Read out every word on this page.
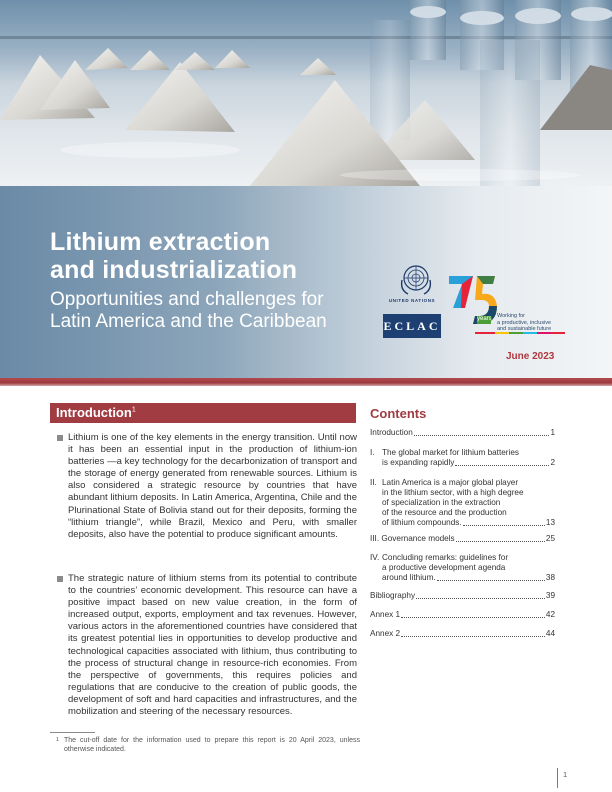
Lithium extraction
and industrialization
Opportunities and challenges for
Latin America and the Caribbean
UNITED NATIONS
ECLAC	years Working for
a productive, inclusive
and sustainable future
June 2023
Introduction$^1$

Lithium is one of the key elements in the energy transition. Until now it has been an essential input in the production of lithium-ion batteries —a key technology for the decarbonization of transport and the storage of energy generated from renewable sources. Lithium is also considered a strategic resource by countries that have abundant lithium deposits. In Latin America, Argentina, Chile and the Plurinational State of Bolivia stand out for their deposits, forming the “lithium triangle”, while Brazil, Mexico and Peru, with smaller deposits, also have the potential to produce significant amounts.

The strategic nature of lithium stems from its potential to contribute to the countries’ economic development. This resource can have a positive impact based on new value creation, in the form of increased output, exports, employment and tax revenues. However, various actors in the aforementioned countries have considered that its greatest potential lies in opportunities to develop productive and technological capacities associated with lithium, thus contributing to the process of structural change in resource-rich economies. From the perspective of governments, this requires policies and regulations that are conducive to the creation of public goods, the development of soft and hard capacities and infrastructures, and the mobilization and steering of the necessary resources.

1 The cut-off date for the information used to prepare this report is 20 April 2023, unless otherwise indicated.
Contents
Introduction	1
I. The global market for lithium batteries
is expanding rapidly	2
II. Latin America is a major global player
in the lithium sector, with a high degree
of specialization in the extraction
of the resource and the production
of lithium compounds.	13
III. Governance models	25
IV. Concluding remarks: guidelines for
a productive development agenda
around lithium.	38
Bibliography	39
Annex 1	42
Annex 2	44
1
